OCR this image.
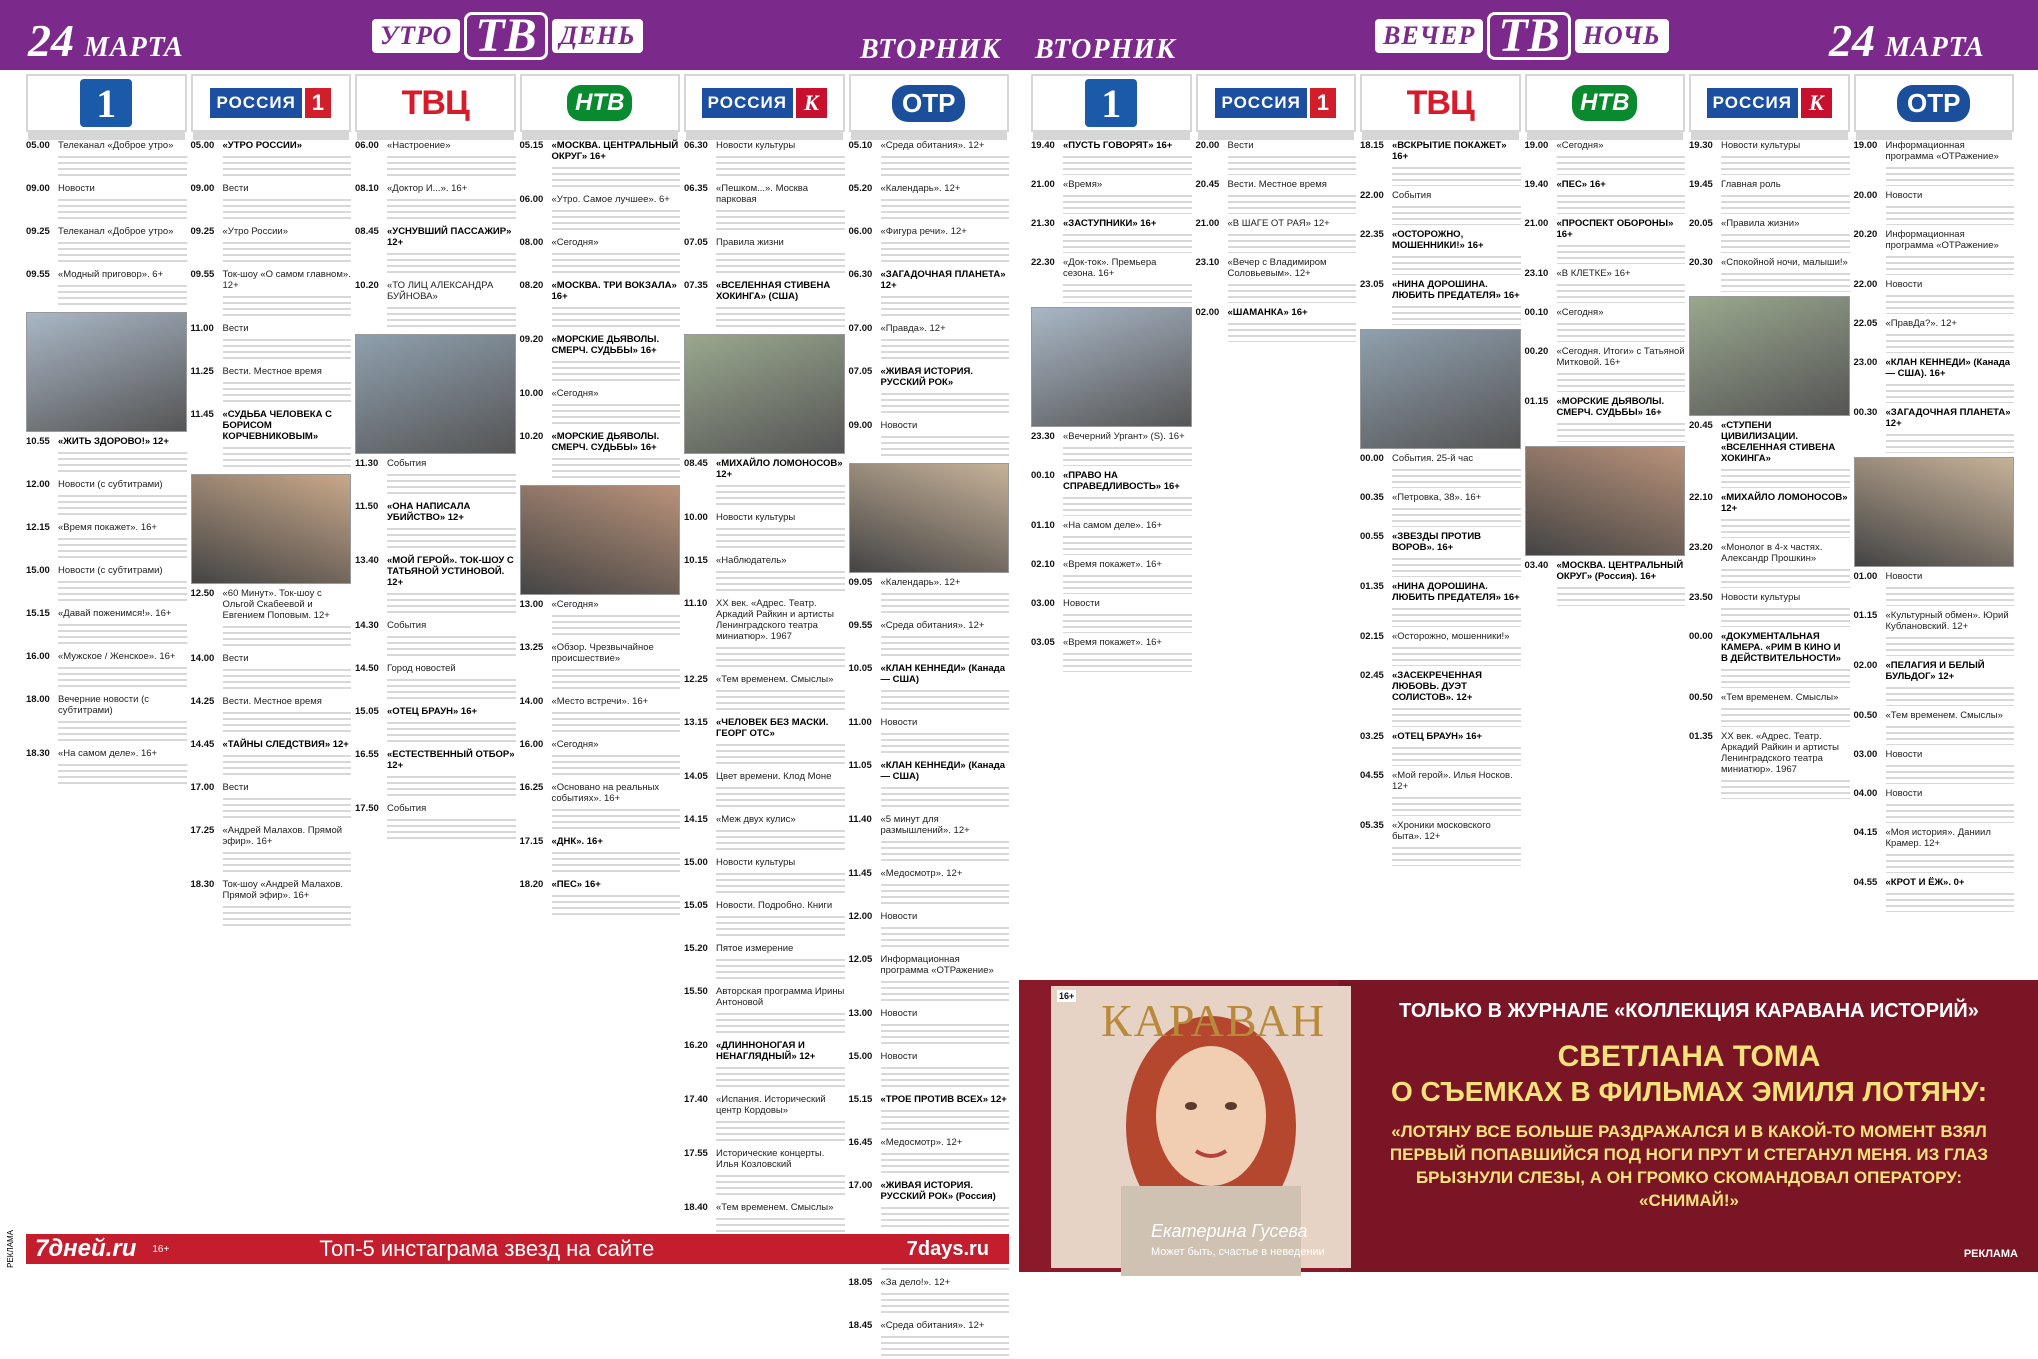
24 МАРТА	УТРО ТВ ДЕНЬ	ВТОРНИК
1	РОССИЯ 1 ТВЦ	НТВ	РОССИЯ К	ОТР
05.00 Телеканал «Доброе утро»
09.00 Новости
09.25 Телеканал «Доброе утро»
09.55 «Модный приговор». 6+
10.55 «ЖИТЬ ЗДОРОВО!» 12+
12.00 Новости (с субтитрами)
12.15 «Время покажет». 16+
15.00 Новости (с субтитрами)
15.15 «Давай поженимся!». 16+
16.00 «Мужское / Женское». 16+
18.00 Вечерние новости (с субтитрами)
18.30 «На самом деле». 16+
05.00 «УТРО РОССИИ»
09.00 Вести
09.25 «Утро России»
09.55 Ток-шоу «О самом главном». 12+
11.00 Вести
11.25 Вести. Местное время
11.45 «СУДЬБА ЧЕЛОВЕКА С БОРИСОМ КОРЧЕВНИКОВЫМ»
12.50 «60 Минут». Ток-шоу с Ольгой Скабеевой и Евгением Поповым. 12+
14.00 Вести
14.25 Вести. Местное время
14.45 «ТАЙНЫ СЛЕДСТВИЯ» 12+
17.00 Вести
17.25 «Андрей Малахов. Прямой эфир». 16+
18.30 Ток-шоу «Андрей Малахов. Прямой эфир». 16+
06.00 «Настроение»
08.10 «Доктор И...». 16+
08.45 «УСНУВШИЙ ПАССАЖИР» 12+
10.20 «ТО ЛИЦ АЛЕКСАНДРА БУЙНОВА»
11.30 События
11.50 «ОНА НАПИСАЛА УБИЙСТВО» 12+
13.40 «МОЙ ГЕРОЙ». ТОК-ШОУ С ТАТЬЯНОЙ УСТИНОВОЙ. 12+
14.30 События
14.50 Город новостей
15.05 «ОТЕЦ БРАУН» 16+
16.55 «ЕСТЕСТВЕННЫЙ ОТБОР» 12+
17.50 События
05.15 «МОСКВА. ЦЕНТРАЛЬНЫЙ ОКРУГ» 16+
06.00 «Утро. Самое лучшее». 6+
08.00 «Сегодня»
08.20 «МОСКВА. ТРИ ВОКЗАЛА» 16+
09.20 «МОРСКИЕ ДЬЯВОЛЫ. СМЕРЧ. СУДЬБЫ» 16+
10.00 «Сегодня»
10.20 «МОРСКИЕ ДЬЯВОЛЫ. СМЕРЧ. СУДЬБЫ» 16+
13.00 «Сегодня»
13.25 «Обзор. Чрезвычайное происшествие»
14.00 «Место встречи». 16+
16.00 «Сегодня»
16.25 «Основано на реальных событиях». 16+
17.15 «ДНК». 16+
18.20 «ПЕС» 16+
06.30 Новости культуры
06.35 «Пешком...». Москва парковая
07.05 Правила жизни
07.35 «ВСЕЛЕННАЯ СТИВЕНА ХОКИНГА» (США)
08.45 «МИХАЙЛО ЛОМОНОСОВ» 12+
10.00 Новости культуры
10.15 «Наблюдатель»
11.10 ХХ век. «Адрес. Театр. Аркадий Райкин и артисты Ленинградского театра миниатюр». 1967
12.25 «Тем временем. Смыслы»
13.15 «ЧЕЛОВЕК БЕЗ МАСКИ. ГЕОРГ ОТС»
14.05 Цвет времени. Клод Моне
14.15 «Меж двух кулис»
15.00 Новости культуры
15.05 Новости. Подробно. Книги
15.20 Пятое измерение
15.50 Авторская программа Ирины Антоновой
16.20 «ДЛИННОНОГАЯ И НЕНАГЛЯДНЫЙ» 12+
17.40 «Испания. Исторический центр Кордовы»
17.55 Исторические концерты. Илья Козловский
18.40 «Тем временем. Смыслы»
05.10 «Среда обитания». 12+
05.20 «Календарь». 12+
06.00 «Фигура речи». 12+
06.30 «ЗАГАДОЧНАЯ ПЛАНЕТА» 12+
07.00 «Правда». 12+
07.05 «ЖИВАЯ ИСТОРИЯ. РУССКИЙ РОК»
09.00 Новости
09.05 «Календарь». 12+
09.55 «Среда обитания». 12+
10.05 «КЛАН КЕННЕДИ» (Канада — США)
11.00 Новости
11.05 «КЛАН КЕННЕДИ» (Канада — США)
11.40 «5 минут для размышлений». 12+
11.45 «Медосмотр». 12+
12.00 Новости
12.05 Информационная программа «ОТРажение»
13.00 Новости
15.00 Новости
15.15 «ТРОЕ ПРОТИВ ВСЕХ» 12+
16.45 «Медосмотр». 12+
17.00 «ЖИВАЯ ИСТОРИЯ. РУССКИЙ РОК» (Россия)
18.05 «За дело!». 12+
18.45 «Среда обитания». 12+
РЕКЛАМА 7дней.ru 16+	Топ-5 инстаграма звезд на сайте	7days.ru
ВТОРНИК	ВЕЧЕР ТВ НОЧЬ	24 МАРТА
1	РОССИЯ 1 ТВЦ	НТВ	РОССИЯ К	ОТР
19.40 «ПУСТЬ ГОВОРЯТ» 16+
21.00 «Время»
21.30 «ЗАСТУПНИКИ» 16+
22.30 «Док-ток». Премьера сезона. 16+
23.30 «Вечерний Ургант» (S). 16+
00.10 «ПРАВО НА СПРАВЕДЛИВОСТЬ» 16+
01.10 «На самом деле». 16+
02.10 «Время покажет». 16+
03.00 Новости
03.05 «Время покажет». 16+
20.00 Вести
20.45 Вести. Местное время
21.00 «В ШАГЕ ОТ РАЯ» 12+
23.10 «Вечер с Владимиром Соловьевым». 12+
02.00 «ШАМАНКА» 16+
18.15 «ВСКРЫТИЕ ПОКАЖЕТ» 16+
22.00 События
22.35 «ОСТОРОЖНО, МОШЕННИКИ!» 16+
23.05 «НИНА ДОРОШИНА. ЛЮБИТЬ ПРЕДАТЕЛЯ» 16+
00.00 События. 25-й час
00.35 «Петровка, 38». 16+
00.55 «ЗВЕЗДЫ ПРОТИВ ВОРОВ». 16+
01.35 «НИНА ДОРОШИНА. ЛЮБИТЬ ПРЕДАТЕЛЯ» 16+
02.15 «Осторожно, мошенники!»
02.45 «ЗАСЕКРЕЧЕННАЯ ЛЮБОВЬ. ДУЭТ СОЛИСТОВ». 12+
03.25 «ОТЕЦ БРАУН» 16+
04.55 «Мой герой». Илья Носков. 12+
05.35 «Хроники московского быта». 12+
19.00 «Сегодня»
19.40 «ПЕС» 16+
21.00 «ПРОСПЕКТ ОБОРОНЫ» 16+
23.10 «В КЛЕТКЕ» 16+
00.10 «Сегодня»
00.20 «Сегодня. Итоги» с Татьяной Митковой. 16+
01.15 «МОРСКИЕ ДЬЯВОЛЫ. СМЕРЧ. СУДЬБЫ» 16+
03.40 «МОСКВА. ЦЕНТРАЛЬНЫЙ ОКРУГ» (Россия). 16+
19.30 Новости культуры
19.45 Главная роль
20.05 «Правила жизни»
20.30 «Спокойной ночи, малыши!»
20.45 «СТУПЕНИ ЦИВИЛИЗАЦИИ. «ВСЕЛЕННАЯ СТИВЕНА ХОКИНГА»
22.10 «МИХАЙЛО ЛОМОНОСОВ» 12+
23.20 «Монолог в 4-х частях. Александр Прошкин»
23.50 Новости культуры
00.00 «ДОКУМЕНТАЛЬНАЯ КАМЕРА. «РИМ В КИНО И В ДЕЙСТВИТЕЛЬНОСТИ»
00.50 «Тем временем. Смыслы»
01.35 ХХ век. «Адрес. Театр. Аркадий Райкин и артисты Ленинградского театра миниатюр». 1967
19.00 Информационная программа «ОТРажение»
20.00 Новости
20.20 Информационная программа «ОТРажение»
22.00 Новости
22.05 «ПравДа?». 12+
23.00 «КЛАН КЕННЕДИ» (Канада — США). 16+
00.30 «ЗАГАДОЧНАЯ ПЛАНЕТА» 12+
01.00 Новости
01.15 «Культурный обмен». Юрий Кублановский. 12+
02.00 «ПЕЛАГИЯ И БЕЛЫЙ БУЛЬДОГ» 12+
00.50 «Тем временем. Смыслы»
03.00 Новости
04.00 Новости
04.15 «Моя история». Даниил Крамер. 12+
04.55 «КРОТ И ЁЖ». 0+
16+ КАРАВАН
Екатерина Гусева
Может быть, счастье в неведении
ТОЛЬКО В ЖУРНАЛЕ «КОЛЛЕКЦИЯ КАРАВАНА ИСТОРИЙ»
СВЕТЛАНА ТОМА
О СЪЕМКАХ В ФИЛЬМАХ ЭМИЛЯ ЛОТЯНУ:
«ЛОТЯНУ ВСЕ БОЛЬШЕ РАЗДРАЖАЛСЯ И В КАКОЙ-ТО МОМЕНТ ВЗЯЛ ПЕРВЫЙ ПОПАВШИЙСЯ ПОД НОГИ ПРУТ И СТЕГАНУЛ МЕНЯ. ИЗ ГЛАЗ БРЫЗНУЛИ СЛЕЗЫ, А ОН ГРОМКО СКОМАНДОВАЛ ОПЕРАТОРУ: «СНИМАЙ!»
РЕКЛАМА
